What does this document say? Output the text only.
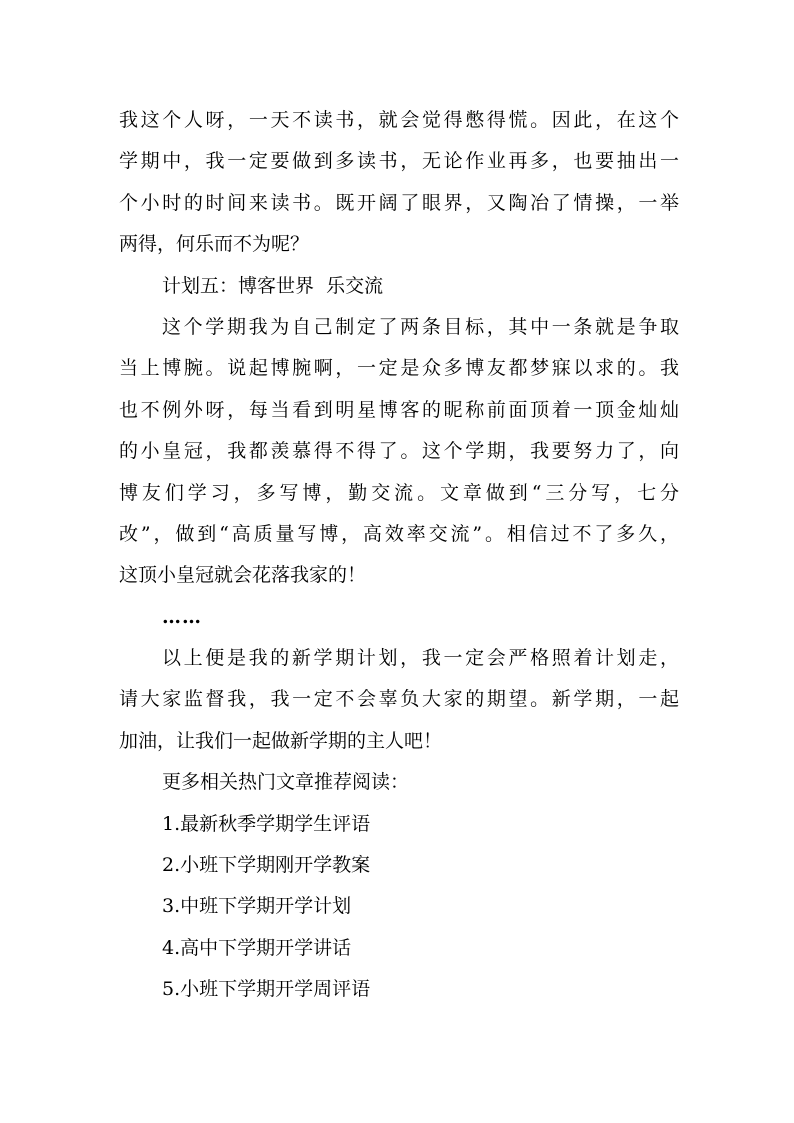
我这个人呀，一天不读书，就会觉得憋得慌。因此，在这个
学期中，我一定要做到多读书，无论作业再多，也要抽出一
个小时的时间来读书。既开阔了眼界，又陶冶了情操，一举
两得，何乐而不为呢？
计划五：博客世界  乐交流
这个学期我为自己制定了两条目标，其中一条就是争取
当上博腕。说起博腕啊，一定是众多博友都梦寐以求的。我
也不例外呀，每当看到明星博客的昵称前面顶着一顶金灿灿
的小皇冠，我都羡慕得不得了。这个学期，我要努力了，向
博友们学习，多写博，勤交流。文章做到“三分写，七分
改”，做到“高质量写博，高效率交流”。相信过不了多久，
这顶小皇冠就会花落我家的！
……
以上便是我的新学期计划，我一定会严格照着计划走，
请大家监督我，我一定不会辜负大家的期望。新学期，一起
加油，让我们一起做新学期的主人吧！
更多相关热门文章推荐阅读：
1.最新秋季学期学生评语
2.小班下学期刚开学教案
3.中班下学期开学计划
4.高中下学期开学讲话
5.小班下学期开学周评语
